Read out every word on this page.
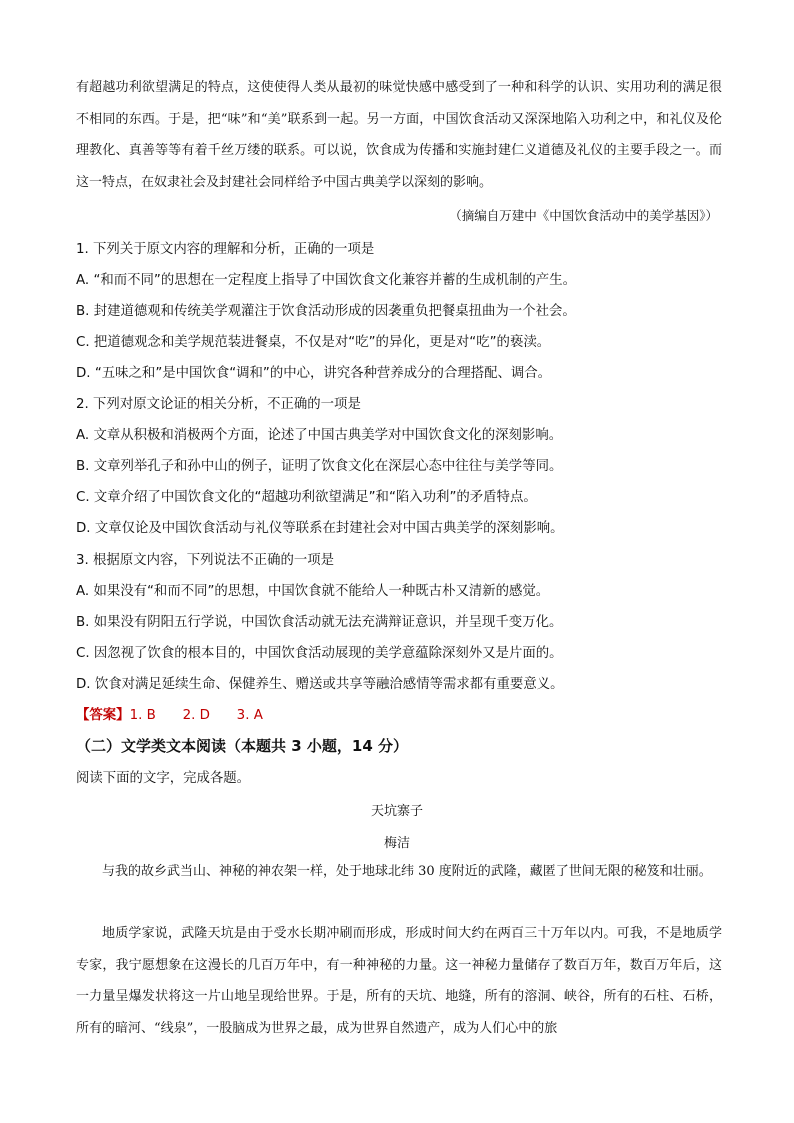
有超越功利欲望满足的特点，这使使得人类从最初的味觉快感中感受到了一种和科学的认识、实用功利的满足很不相同的东西。于是，把“味”和“美”联系到一起。另一方面，中国饮食活动又深深地陷入功利之中，和礼仪及伦理教化、真善等等有着千丝万缕的联系。可以说，饮食成为传播和实施封建仁义道德及礼仪的主要手段之一。而这一特点，在奴隶社会及封建社会同样给予中国古典美学以深刻的影响。
（摘编自万建中《中国饮食活动中的美学基因》）
1. 下列关于原文内容的理解和分析，正确的一项是
A. “和而不同”的思想在一定程度上指导了中国饮食文化兼容并蓄的生成机制的产生。
B. 封建道德观和传统美学观灌注于饮食活动形成的因袭重负把餐桌扭曲为一个社会。
C. 把道德观念和美学规范装进餐桌，不仅是对“吃”的异化，更是对“吃”的亵渎。
D. “五味之和”是中国饮食“调和”的中心，讲究各种营养成分的合理搭配、调合。
2. 下列对原文论证的相关分析，不正确的一项是
A. 文章从积极和消极两个方面，论述了中国古典美学对中国饮食文化的深刻影响。
B. 文章列举孔子和孙中山的例子，证明了饮食文化在深层心态中往往与美学等同。
C. 文章介绍了中国饮食文化的“超越功利欲望满足”和“陷入功利”的矛盾特点。
D. 文章仅论及中国饮食活动与礼仪等联系在封建社会对中国古典美学的深刻影响。
3. 根据原文内容，下列说法不正确的一项是
A. 如果没有“和而不同”的思想，中国饮食就不能给人一种既古朴又清新的感觉。
B. 如果没有阴阳五行学说，中国饮食活动就无法充满辩证意识，并呈现千变万化。
C. 因忽视了饮食的根本目的，中国饮食活动展现的美学意蕴除深刻外又是片面的。
D. 饮食对满足延续生命、保健养生、赠送或共享等融洽感情等需求都有重要意义。
【答案】1. B　　2. D　　3. A
（二）文学类文本阅读（本题共 3 小题，14 分）
阅读下面的文字，完成各题。
天坑寨子
梅洁
与我的故乡武当山、神秘的神农架一样，处于地球北纬 30 度附近的武隆，藏匿了世间无限的秘笈和壮丽。
地质学家说，武隆天坑是由于受水长期冲刷而形成，形成时间大约在两百三十万年以内。可我，不是地质学专家，我宁愿想象在这漫长的几百万年中，有一种神秘的力量。这一神秘力量储存了数百万年，数百万年后，这一力量呈爆发状将这一片山地呈现给世界。于是，所有的天坑、地缝，所有的溶洞、峡谷，所有的石柱、石桥，所有的暗河、“线泉”，一股脑成为世界之最，成为世界自然遗产，成为人们心中的旅
